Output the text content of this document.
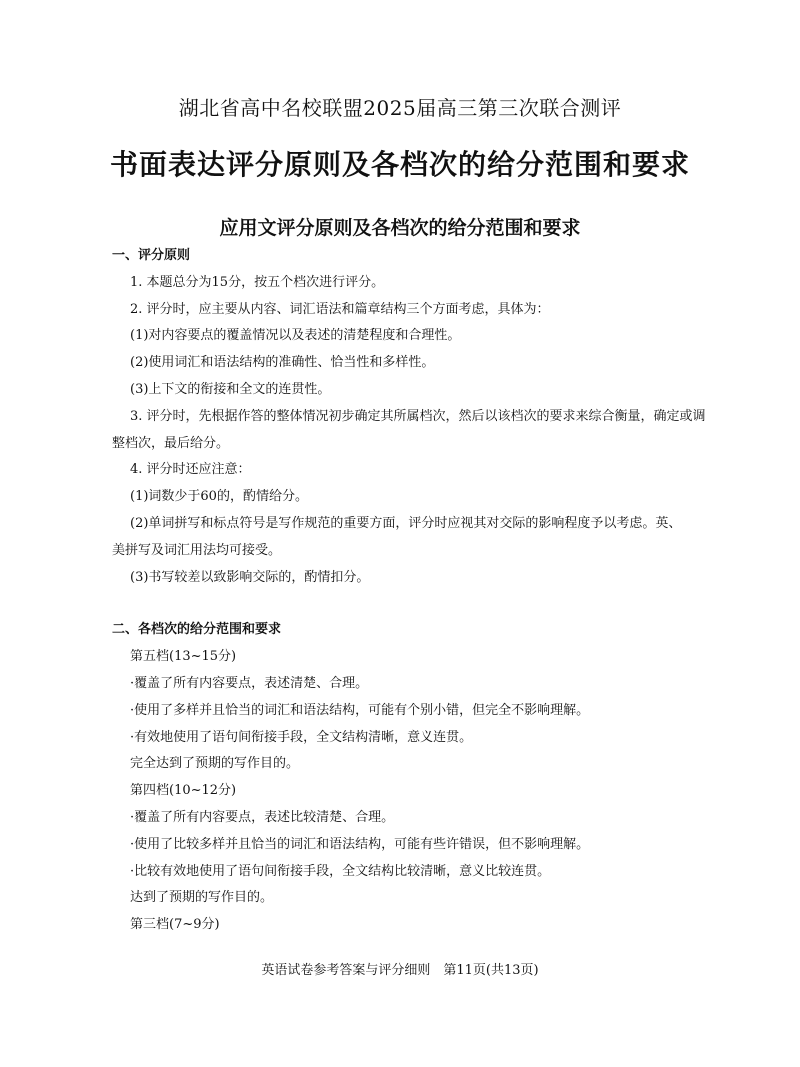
湖北省高中名校联盟2025届高三第三次联合测评
书面表达评分原则及各档次的给分范围和要求
应用文评分原则及各档次的给分范围和要求
一、评分原则
1. 本题总分为15分，按五个档次进行评分。
2. 评分时，应主要从内容、词汇语法和篇章结构三个方面考虑，具体为：
(1)对内容要点的覆盖情况以及表述的清楚程度和合理性。
(2)使用词汇和语法结构的准确性、恰当性和多样性。
(3)上下文的衔接和全文的连贯性。
3. 评分时，先根据作答的整体情况初步确定其所属档次，然后以该档次的要求来综合衡量，确定或调
整档次，最后给分。
4. 评分时还应注意：
(1)词数少于60的，酌情给分。
(2)单词拼写和标点符号是写作规范的重要方面，评分时应视其对交际的影响程度予以考虑。英、
美拼写及词汇用法均可接受。
(3)书写较差以致影响交际的，酌情扣分。
二、各档次的给分范围和要求
第五档(13~15分)
·覆盖了所有内容要点，表述清楚、合理。
·使用了多样并且恰当的词汇和语法结构，可能有个别小错，但完全不影响理解。
·有效地使用了语句间衔接手段，全文结构清晰，意义连贯。
完全达到了预期的写作目的。
第四档(10~12分)
·覆盖了所有内容要点，表述比较清楚、合理。
·使用了比较多样并且恰当的词汇和语法结构，可能有些许错误，但不影响理解。
·比较有效地使用了语句间衔接手段，全文结构比较清晰，意义比较连贯。
达到了预期的写作目的。
第三档(7~9分)
英语试卷参考答案与评分细则　第11页(共13页)
